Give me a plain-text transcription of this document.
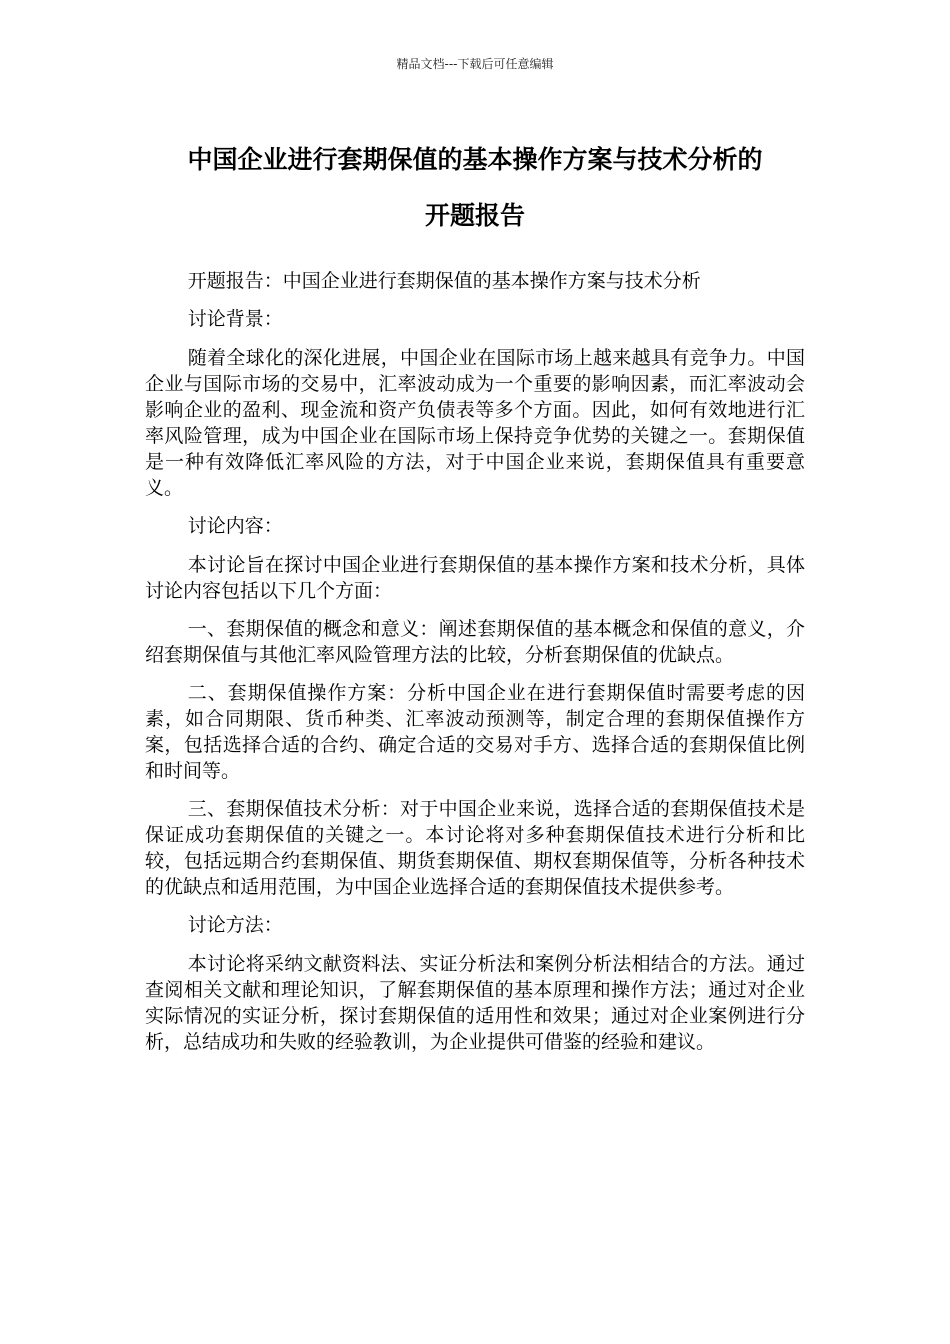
精品文档---下载后可任意编辑
中国企业进行套期保值的基本操作方案与技术分析的
开题报告

开题报告：中国企业进行套期保值的基本操作方案与技术分析

讨论背景：

随着全球化的深化进展，中国企业在国际市场上越来越具有竞争力。中国企业与国际市场的交易中，汇率波动成为一个重要的影响因素，而汇率波动会影响企业的盈利、现金流和资产负债表等多个方面。因此，如何有效地进行汇率风险管理，成为中国企业在国际市场上保持竞争优势的关键之一。套期保值是一种有效降低汇率风险的方法，对于中国企业来说，套期保值具有重要意义。

讨论内容：

本讨论旨在探讨中国企业进行套期保值的基本操作方案和技术分析，具体讨论内容包括以下几个方面：

一、套期保值的概念和意义：阐述套期保值的基本概念和保值的意义，介绍套期保值与其他汇率风险管理方法的比较，分析套期保值的优缺点。

二、套期保值操作方案：分析中国企业在进行套期保值时需要考虑的因素，如合同期限、货币种类、汇率波动预测等，制定合理的套期保值操作方案，包括选择合适的合约、确定合适的交易对手方、选择合适的套期保值比例和时间等。

三、套期保值技术分析：对于中国企业来说，选择合适的套期保值技术是保证成功套期保值的关键之一。本讨论将对多种套期保值技术进行分析和比较，包括远期合约套期保值、期货套期保值、期权套期保值等，分析各种技术的优缺点和适用范围，为中国企业选择合适的套期保值技术提供参考。

讨论方法：

本讨论将采纳文献资料法、实证分析法和案例分析法相结合的方法。通过查阅相关文献和理论知识，了解套期保值的基本原理和操作方法；通过对企业实际情况的实证分析，探讨套期保值的适用性和效果；通过对企业案例进行分析，总结成功和失败的经验教训，为企业提供可借鉴的经验和建议。
